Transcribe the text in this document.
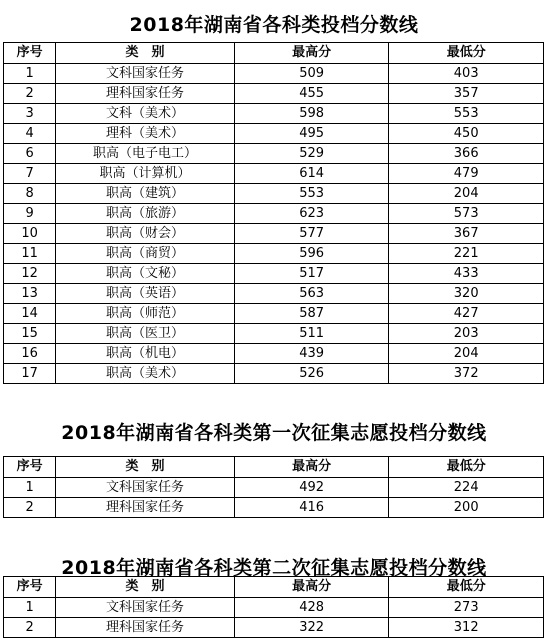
2018年湖南省各科类投档分数线
序号	类　别	最高分	最低分
1	文科国家任务	509	403
2	理科国家任务	455	357
3	文科（美术）	598	553
4	理科（美术）	495	450
6	职高（电子电工）	529	366
7	职高（计算机）	614	479
8	职高（建筑）	553	204
9	职高（旅游）	623	573
10	职高（财会）	577	367
11	职高（商贸）	596	221
12	职高（文秘）	517	433
13	职高（英语）	563	320
14	职高（师范）	587	427
15	职高（医卫）	511	203
16	职高（机电）	439	204
17	职高（美术）	526	372
2018年湖南省各科类第一次征集志愿投档分数线
序号	类　别	最高分	最低分
1	文科国家任务	492	224
2	理科国家任务	416	200
2018年湖南省各科类第二次征集志愿投档分数线
序号	类　别	最高分	最低分
1	文科国家任务	428	273
2	理科国家任务	322	312
